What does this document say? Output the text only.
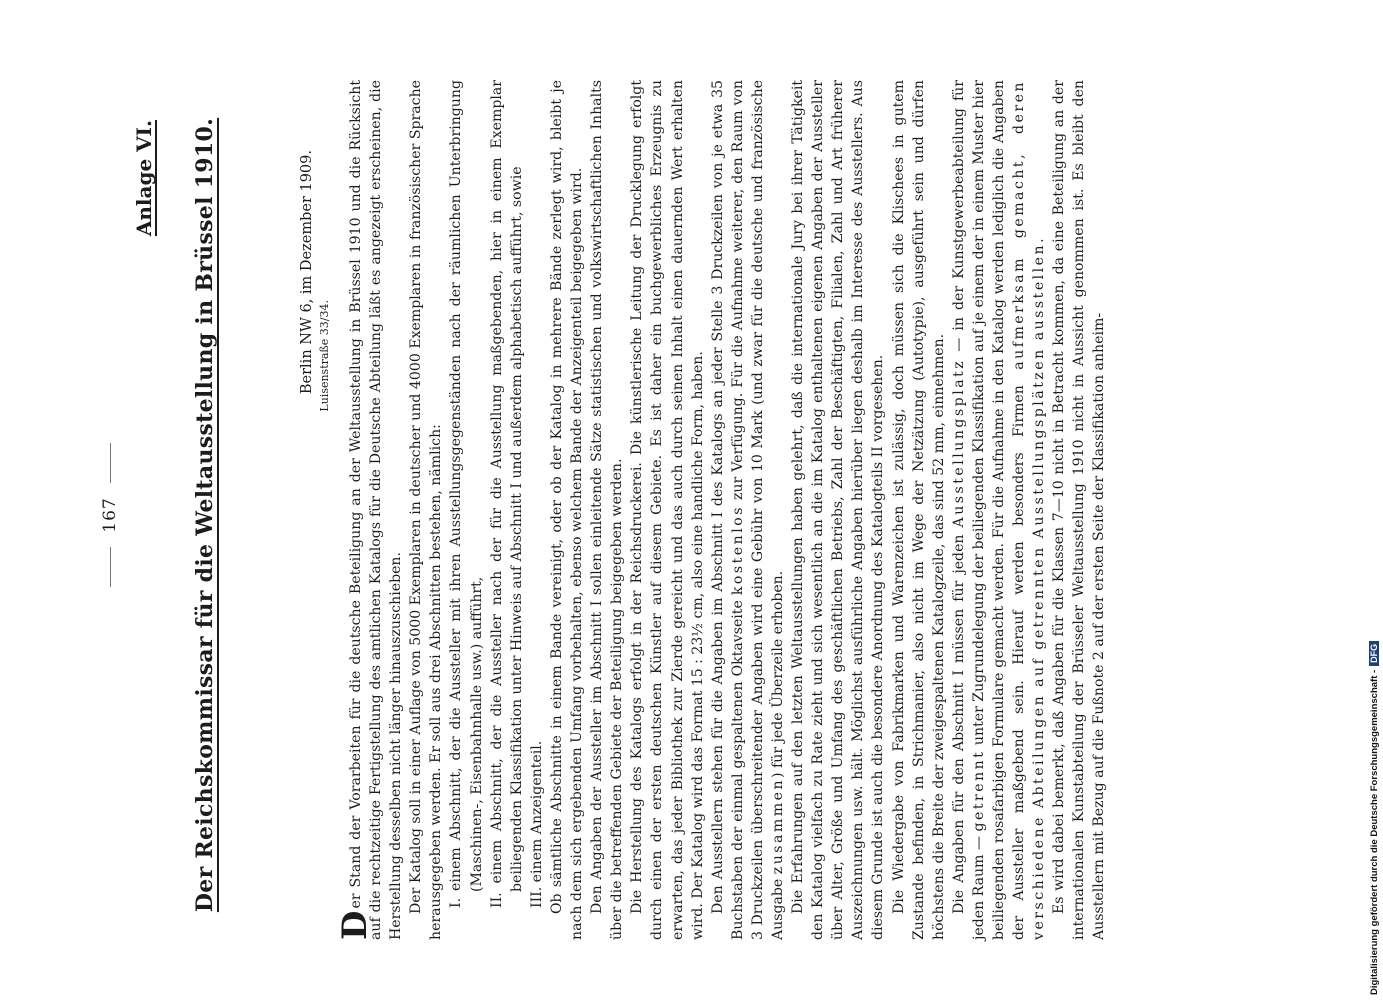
167
Anlage VI. Der Reichskommissar für die Weltausstellung in Brüssel 1910.	Berlin NW 6, im Dezember 1909. Luisenstraße 33/34.

Der Stand der Vorarbeiten für die deutsche Beteiligung an der Weltausstellung in Brüssel 1910 und die Rücksicht auf die rechtzeitige Fertigstellung des amtlichen Katalogs für die Deutsche Abteilung läßt es angezeigt erscheinen, die Herstellung desselben nicht länger hinauszuschieben. Der Katalog soll in einer Auflage von 5000 Exemplaren in deutscher und 4000 Exemplaren in französischer Sprache herausgegeben werden. Er soll aus drei Abschnitten bestehen, nämlich: I. einem Abschnitt, der die Aussteller mit ihren Ausstellungsgegenständen nach der räumlichen Unterbringung (Maschinen-, Eisenbahnhalle usw.) aufführt, II. einem Abschnitt, der die Aussteller nach der für die Ausstellung maßgebenden, hier in einem Exemplar beiliegenden Klassifikation unter Hinweis auf Abschnitt I und außerdem alphabetisch aufführt, sowie III. einem Anzeigenteil. Ob sämtliche Abschnitte in einem Bande vereinigt, oder ob der Katalog in mehrere Bände zerlegt wird, bleibt je nach dem sich ergebenden Umfang vorbehalten, ebenso welchem Bande der Anzeigenteil beigegeben wird. Den Angaben der Aussteller im Abschnitt I sollen einleitende Sätze statistischen und volkswirtschaftlichen Inhalts über die betreffenden Gebiete der Beteiligung beigegeben werden. Die Herstellung des Katalogs erfolgt in der Reichsdruckerei. Die künstlerische Leitung der Drucklegung erfolgt durch einen der ersten deutschen Künstler auf diesem Gebiete. Es ist daher ein buchgewerbliches Erzeugnis zu erwarten, das jeder Bibliothek zur Zierde gereicht und das auch durch seinen Inhalt einen dauernden Wert erhalten wird. Der Katalog wird das Format 15 : 23½ cm, also eine handliche Form, haben. Den Ausstellern stehen für die Angaben im Abschnitt I des Katalogs an jeder Stelle 3 Druckzeilen von je etwa 35 Buchstaben der einmal gespaltenen Oktavseite kostenlos zur Verfügung. Für die Aufnahme weiterer, den Raum von 3 Druckzeilen überschreitender Angaben wird eine Gebühr von 10 Mark (und zwar für die deutsche und französische Ausgabe zusammen) für jede Überzeile erhoben. Die Erfahrungen auf den letzten Weltausstellungen haben gelehrt, daß die internationale Jury bei ihrer Tätigkeit den Katalog vielfach zu Rate zieht und sich wesentlich an die im Katalog enthaltenen eigenen Angaben der Aussteller über Alter, Größe und Umfang des geschäftlichen Betriebs, Zahl der Beschäftigten, Filialen, Zahl und Art früherer Auszeichnungen usw. hält. Möglichst ausführliche Angaben hierüber liegen deshalb im Interesse des Ausstellers. Aus diesem Grunde ist auch die besondere Anordnung des Katalogteils II vorgesehen. Die Wiedergabe von Fabrikmarken und Warenzeichen ist zulässig, doch müssen sich die Klischees in gutem Zustande befinden, in Strichmanier, also nicht im Wege der Netzätzung (Autotypie), ausgeführt sein und dürfen höchstens die Breite der zweigespaltenen Katalogzeile, das sind 52 mm, einnehmen. Die Angaben für den Abschnitt I müssen für jeden Ausstellungsplatz — in der Kunstgewerbeabteilung für jeden Raum — getrennt unter Zugrundelegung der beiliegenden Klassifikation auf je einem der in einem Muster hier beiliegenden rosafarbigen Formulare gemacht werden. Für die Aufnahme in den Katalog werden lediglich die Angaben der Aussteller maßgebend sein. Hierauf werden besonders Firmen aufmerksam gemacht, deren verschiedene Abteilungen auf getrennten Ausstellungsplätzen ausstellen. Es wird dabei bemerkt, daß Angaben für die Klassen 7—10 nicht in Betracht kommen, da eine Beteiligung an der internationalen Kunstabteilung der Brüsseler Weltausstellung 1910 nicht in Aussicht genommen ist. Es bleibt den Ausstellern mit Bezug auf die Fußnote 2 auf der ersten Seite der Klassifikation anheim-	Digitalisierung gefördert durch die Deutsche Forschungsgemeinschaft -DFG
